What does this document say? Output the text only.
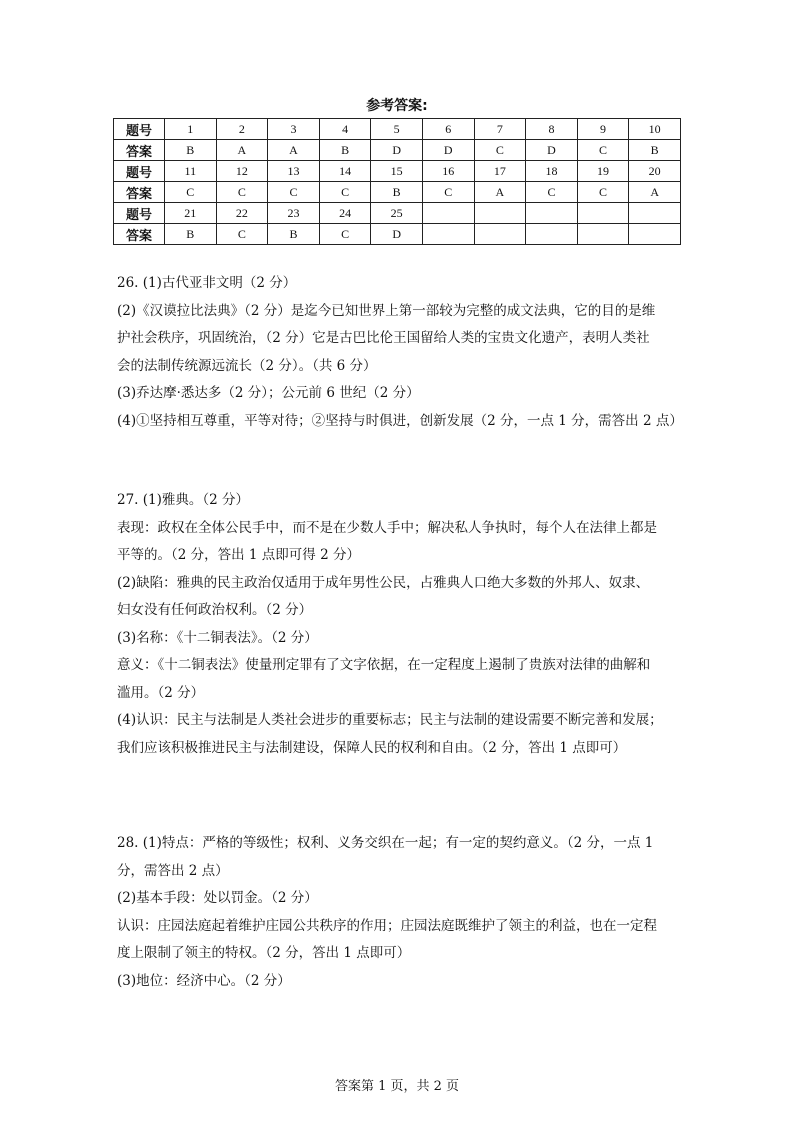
参考答案:
题号	1	2	3	4	5	6	7	8	9	10
答案	B	A	A	B	D	D	C	D	C	B
题号	11	12	13	14	15	16	17	18	19	20
答案	C	C	C	C	B	C	A	C	C	A
题号	21	22	23	24	25					
答案	B	C	B	C	D					

26. (1)古代亚非文明（2 分）

(2)《汉谟拉比法典》（2 分）是迄今已知世界上第一部较为完整的成文法典，它的目的是维

护社会秩序，巩固统治，（2 分）它是古巴比伦王国留给人类的宝贵文化遗产，表明人类社

会的法制传统源远流长（2 分）。（共 6 分）

(3)乔达摩·悉达多（2 分）；公元前 6 世纪（2 分）

(4)①坚持相互尊重，平等对待；②坚持与时俱进，创新发展（2 分，一点 1 分，需答出 2 点）

27. (1)雅典。（2 分）

表现：政权在全体公民手中，而不是在少数人手中；解决私人争执时，每个人在法律上都是

平等的。（2 分，答出 1 点即可得 2 分）

(2)缺陷：雅典的民主政治仅适用于成年男性公民，占雅典人口绝大多数的外邦人、奴隶、

妇女没有任何政治权利。（2 分）

(3)名称：《十二铜表法》。（2 分）

意义：《十二铜表法》使量刑定罪有了文字依据，在一定程度上遏制了贵族对法律的曲解和

滥用。（2 分）

(4)认识：民主与法制是人类社会进步的重要标志；民主与法制的建设需要不断完善和发展；

我们应该积极推进民主与法制建设，保障人民的权利和自由。（2 分，答出 1 点即可）

28. (1)特点：严格的等级性；权利、义务交织在一起；有一定的契约意义。（2 分，一点 1

分，需答出 2 点）

(2)基本手段：处以罚金。（2 分）

认识：庄园法庭起着维护庄园公共秩序的作用；庄园法庭既维护了领主的利益，也在一定程

度上限制了领主的特权。（2 分，答出 1 点即可）

(3)地位：经济中心。（2 分）

答案第 1 页，共 2 页
